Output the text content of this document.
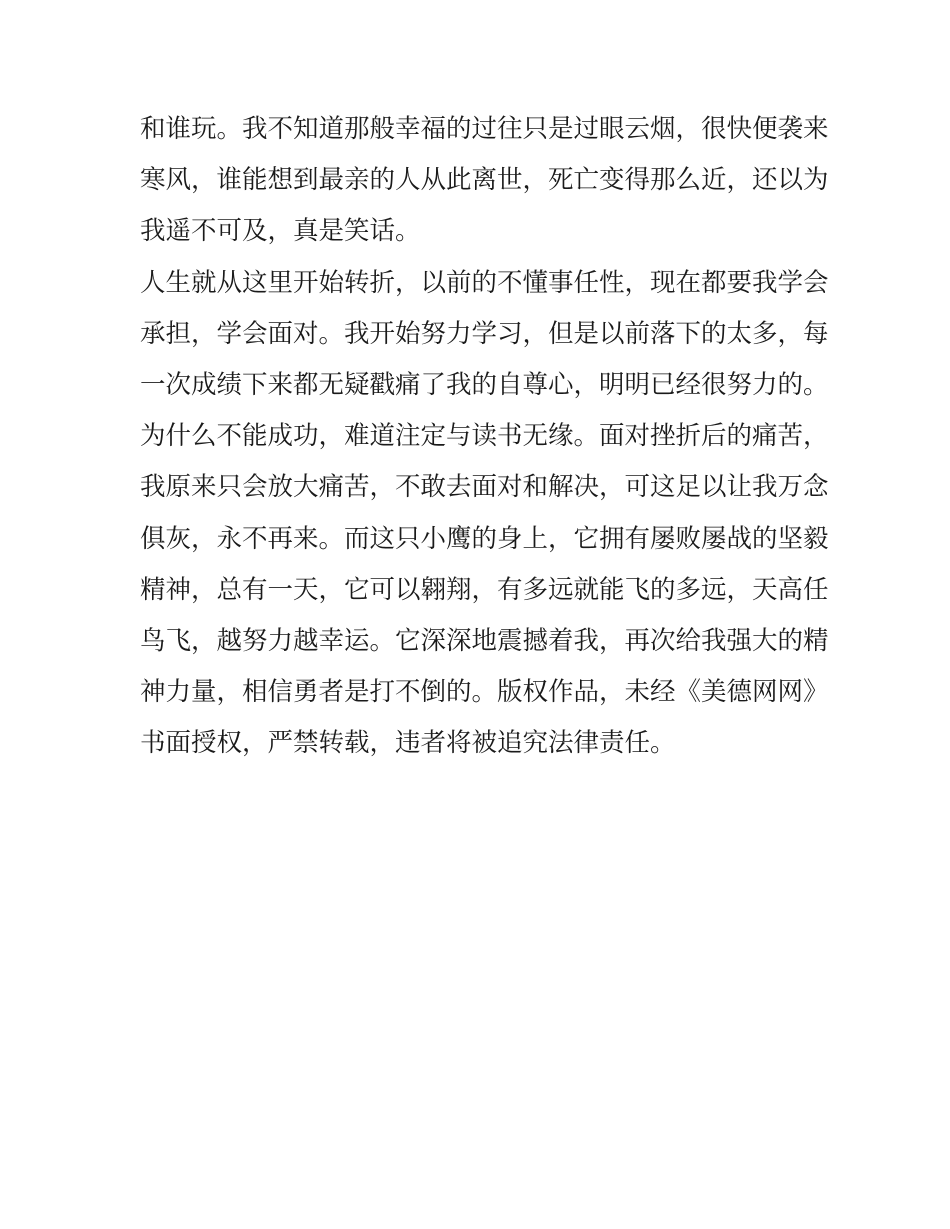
和谁玩。我不知道那般幸福的过往只是过眼云烟，很快便袭来
寒风，谁能想到最亲的人从此离世，死亡变得那么近，还以为
我遥不可及，真是笑话。
人生就从这里开始转折，以前的不懂事任性，现在都要我学会
承担，学会面对。我开始努力学习，但是以前落下的太多，每
一次成绩下来都无疑戳痛了我的自尊心，明明已经很努力的。
为什么不能成功，难道注定与读书无缘。面对挫折后的痛苦，
我原来只会放大痛苦，不敢去面对和解决，可这足以让我万念
俱灰，永不再来。而这只小鹰的身上，它拥有屡败屡战的坚毅
精神，总有一天，它可以翱翔，有多远就能飞的多远，天高任
鸟飞，越努力越幸运。它深深地震撼着我，再次给我强大的精
神力量，相信勇者是打不倒的。版权作品，未经《美德网网》
书面授权，严禁转载，违者将被追究法律责任。
